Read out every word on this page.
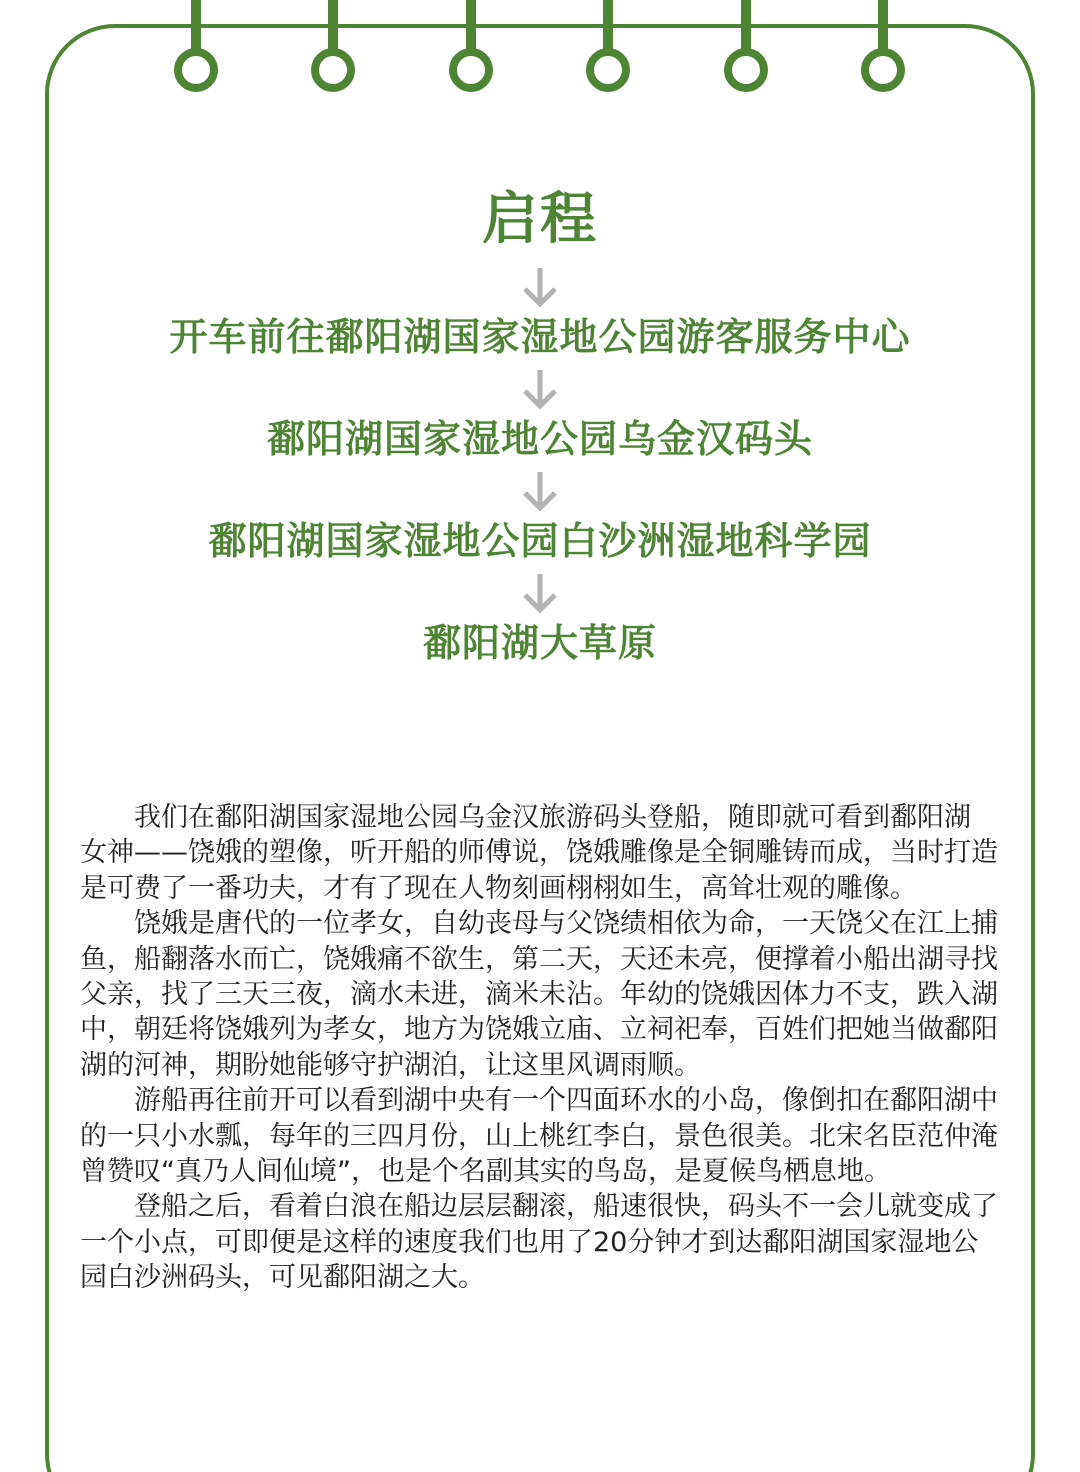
启程
开车前往鄱阳湖国家湿地公园游客服务中心
鄱阳湖国家湿地公园乌金汉码头
鄱阳湖国家湿地公园白沙洲湿地科学园
鄱阳湖大草原

我们在鄱阳湖国家湿地公园乌金汉旅游码头登船，随即就可看到鄱阳湖 女神——饶娥的塑像，听开船的师傅说，饶娥雕像是全铜雕铸而成，当时打造是可费了一番功夫，才有了现在人物刻画栩栩如生，高耸壮观的雕像。

饶娥是唐代的一位孝女，自幼丧母与父饶绩相依为命，一天饶父在江上捕鱼，船翻落水而亡，饶娥痛不欲生，第二天，天还未亮，便撑着小船出湖寻找父亲，找了三天三夜，滴水未进，滴米未沾。年幼的饶娥因体力不支，跌入湖中，朝廷将饶娥列为孝女，地方为饶娥立庙、立祠祀奉，百姓们把她当做鄱阳湖的河神，期盼她能够守护湖泊，让这里风调雨顺。

游船再往前开可以看到湖中央有一个四面环水的小岛，像倒扣在鄱阳湖中的一只小水瓢，每年的三四月份，山上桃红李白，景色很美。北宋名臣范仲淹曾赞叹“真乃人间仙境”，也是个名副其实的鸟岛，是夏候鸟栖息地。

登船之后，看着白浪在船边层层翻滚，船速很快，码头不一会儿就变成了一个小点，可即便是这样的速度我们也用了20分钟才到达鄱阳湖国家湿地公园白沙洲码头，可见鄱阳湖之大。
